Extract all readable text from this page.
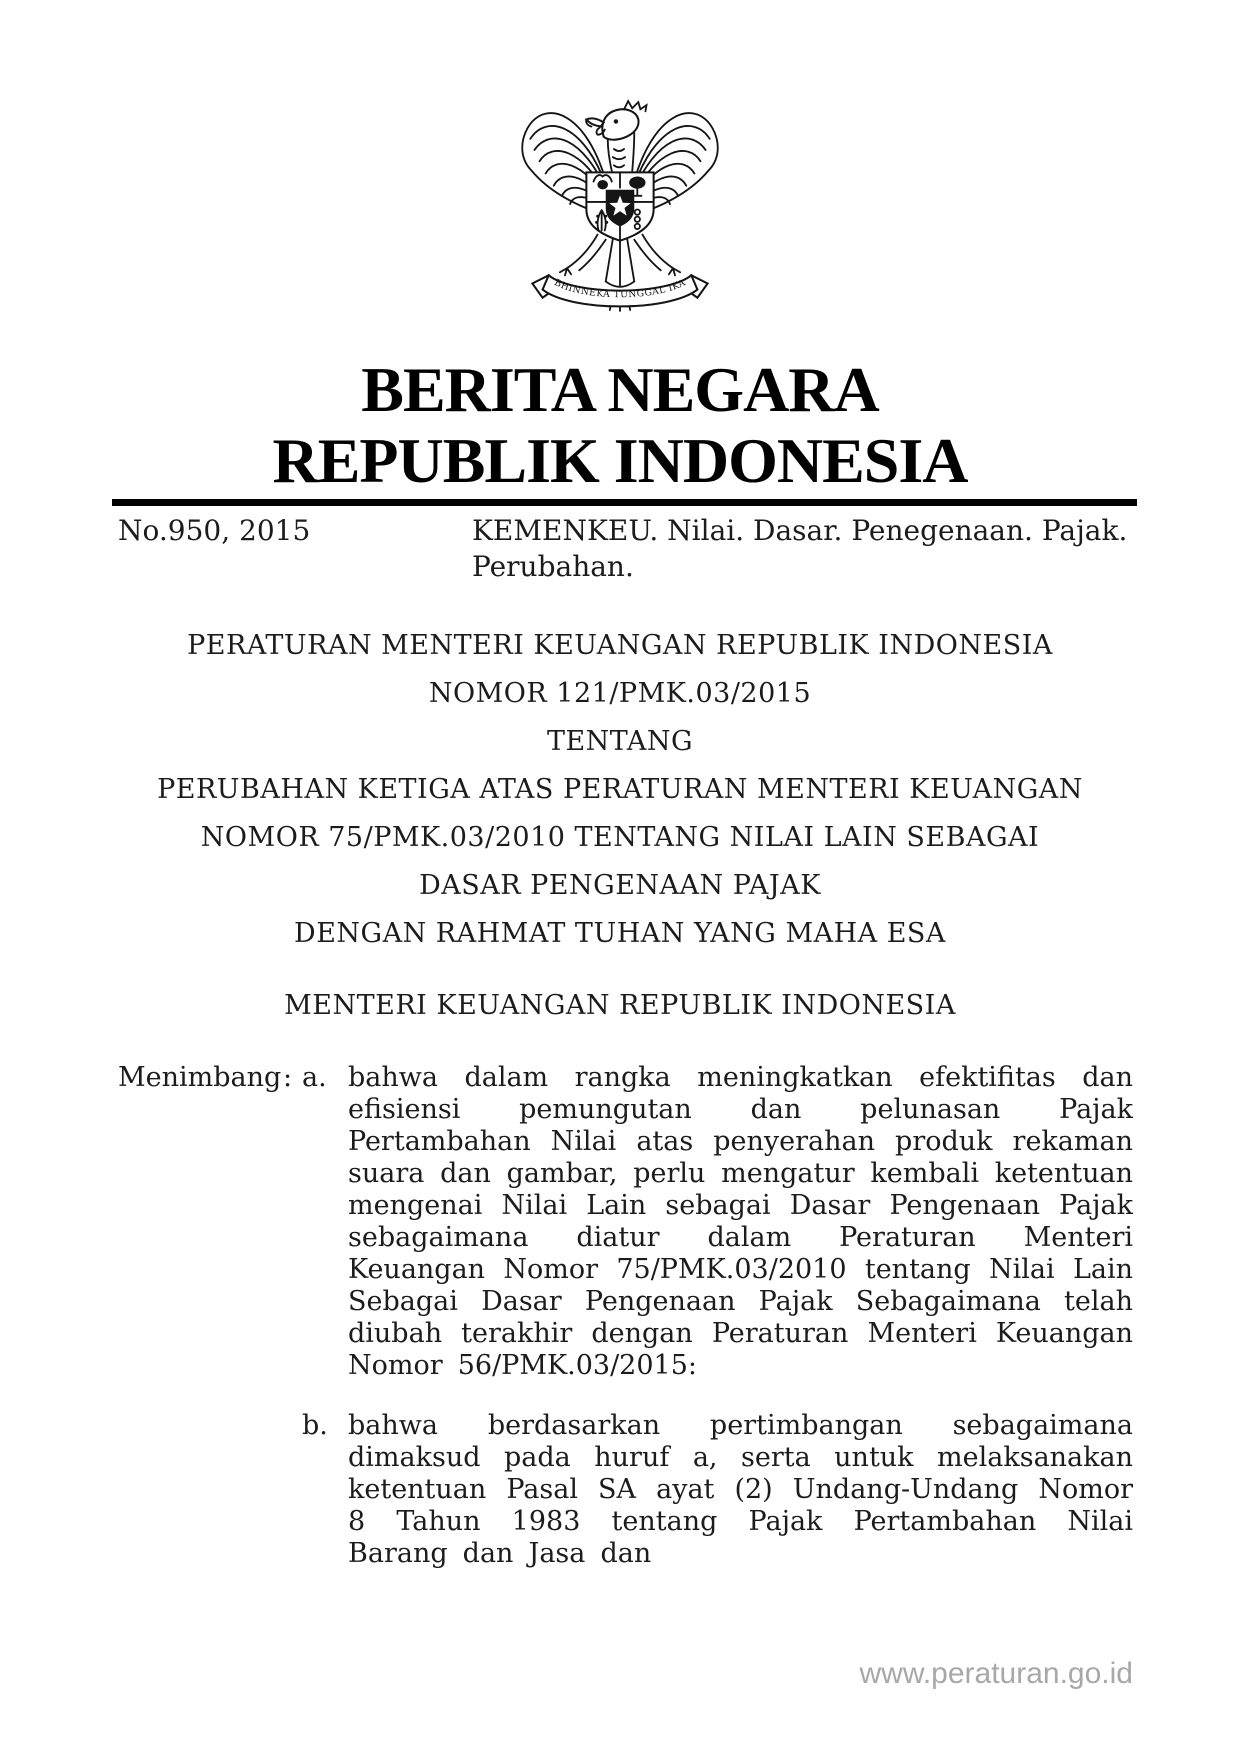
BHINNEKA TUNGGAL IKA
BERITA NEGARA
REPUBLIK INDONESIA
No.950, 2015	KEMENKEU. Nilai. Dasar. Penegenaan. Pajak. Perubahan.
PERATURAN MENTERI KEUANGAN REPUBLIK INDONESIA
NOMOR 121/PMK.03/2015
TENTANG
PERUBAHAN KETIGA ATAS PERATURAN MENTERI KEUANGAN
NOMOR 75/PMK.03/2010 TENTANG NILAI LAIN SEBAGAI
DASAR PENGENAAN PAJAK
DENGAN RAHMAT TUHAN YANG MAHA ESA
MENTERI KEUANGAN REPUBLIK INDONESIA
Menimbang : a. bahwa dalam rangka meningkatkan efektifitas dan efisiensi pemungutan dan pelunasan Pajak Pertambahan Nilai atas penyerahan produk rekaman suara dan gambar, perlu mengatur kembali ketentuan mengenai Nilai Lain sebagai Dasar Pengenaan Pajak sebagaimana diatur dalam Peraturan Menteri Keuangan Nomor 75/PMK.03/2010 tentang Nilai Lain Sebagai Dasar Pengenaan Pajak Sebagaimana telah diubah terakhir dengan Peraturan Menteri Keuangan Nomor 56/PMK.03/2015:
b. bahwa berdasarkan pertimbangan sebagaimana dimaksud pada huruf a, serta untuk melaksanakan ketentuan Pasal SA ayat (2) Undang-Undang Nomor 8 Tahun 1983 tentang Pajak Pertambahan Nilai Barang dan Jasa dan
www.peraturan.go.id
